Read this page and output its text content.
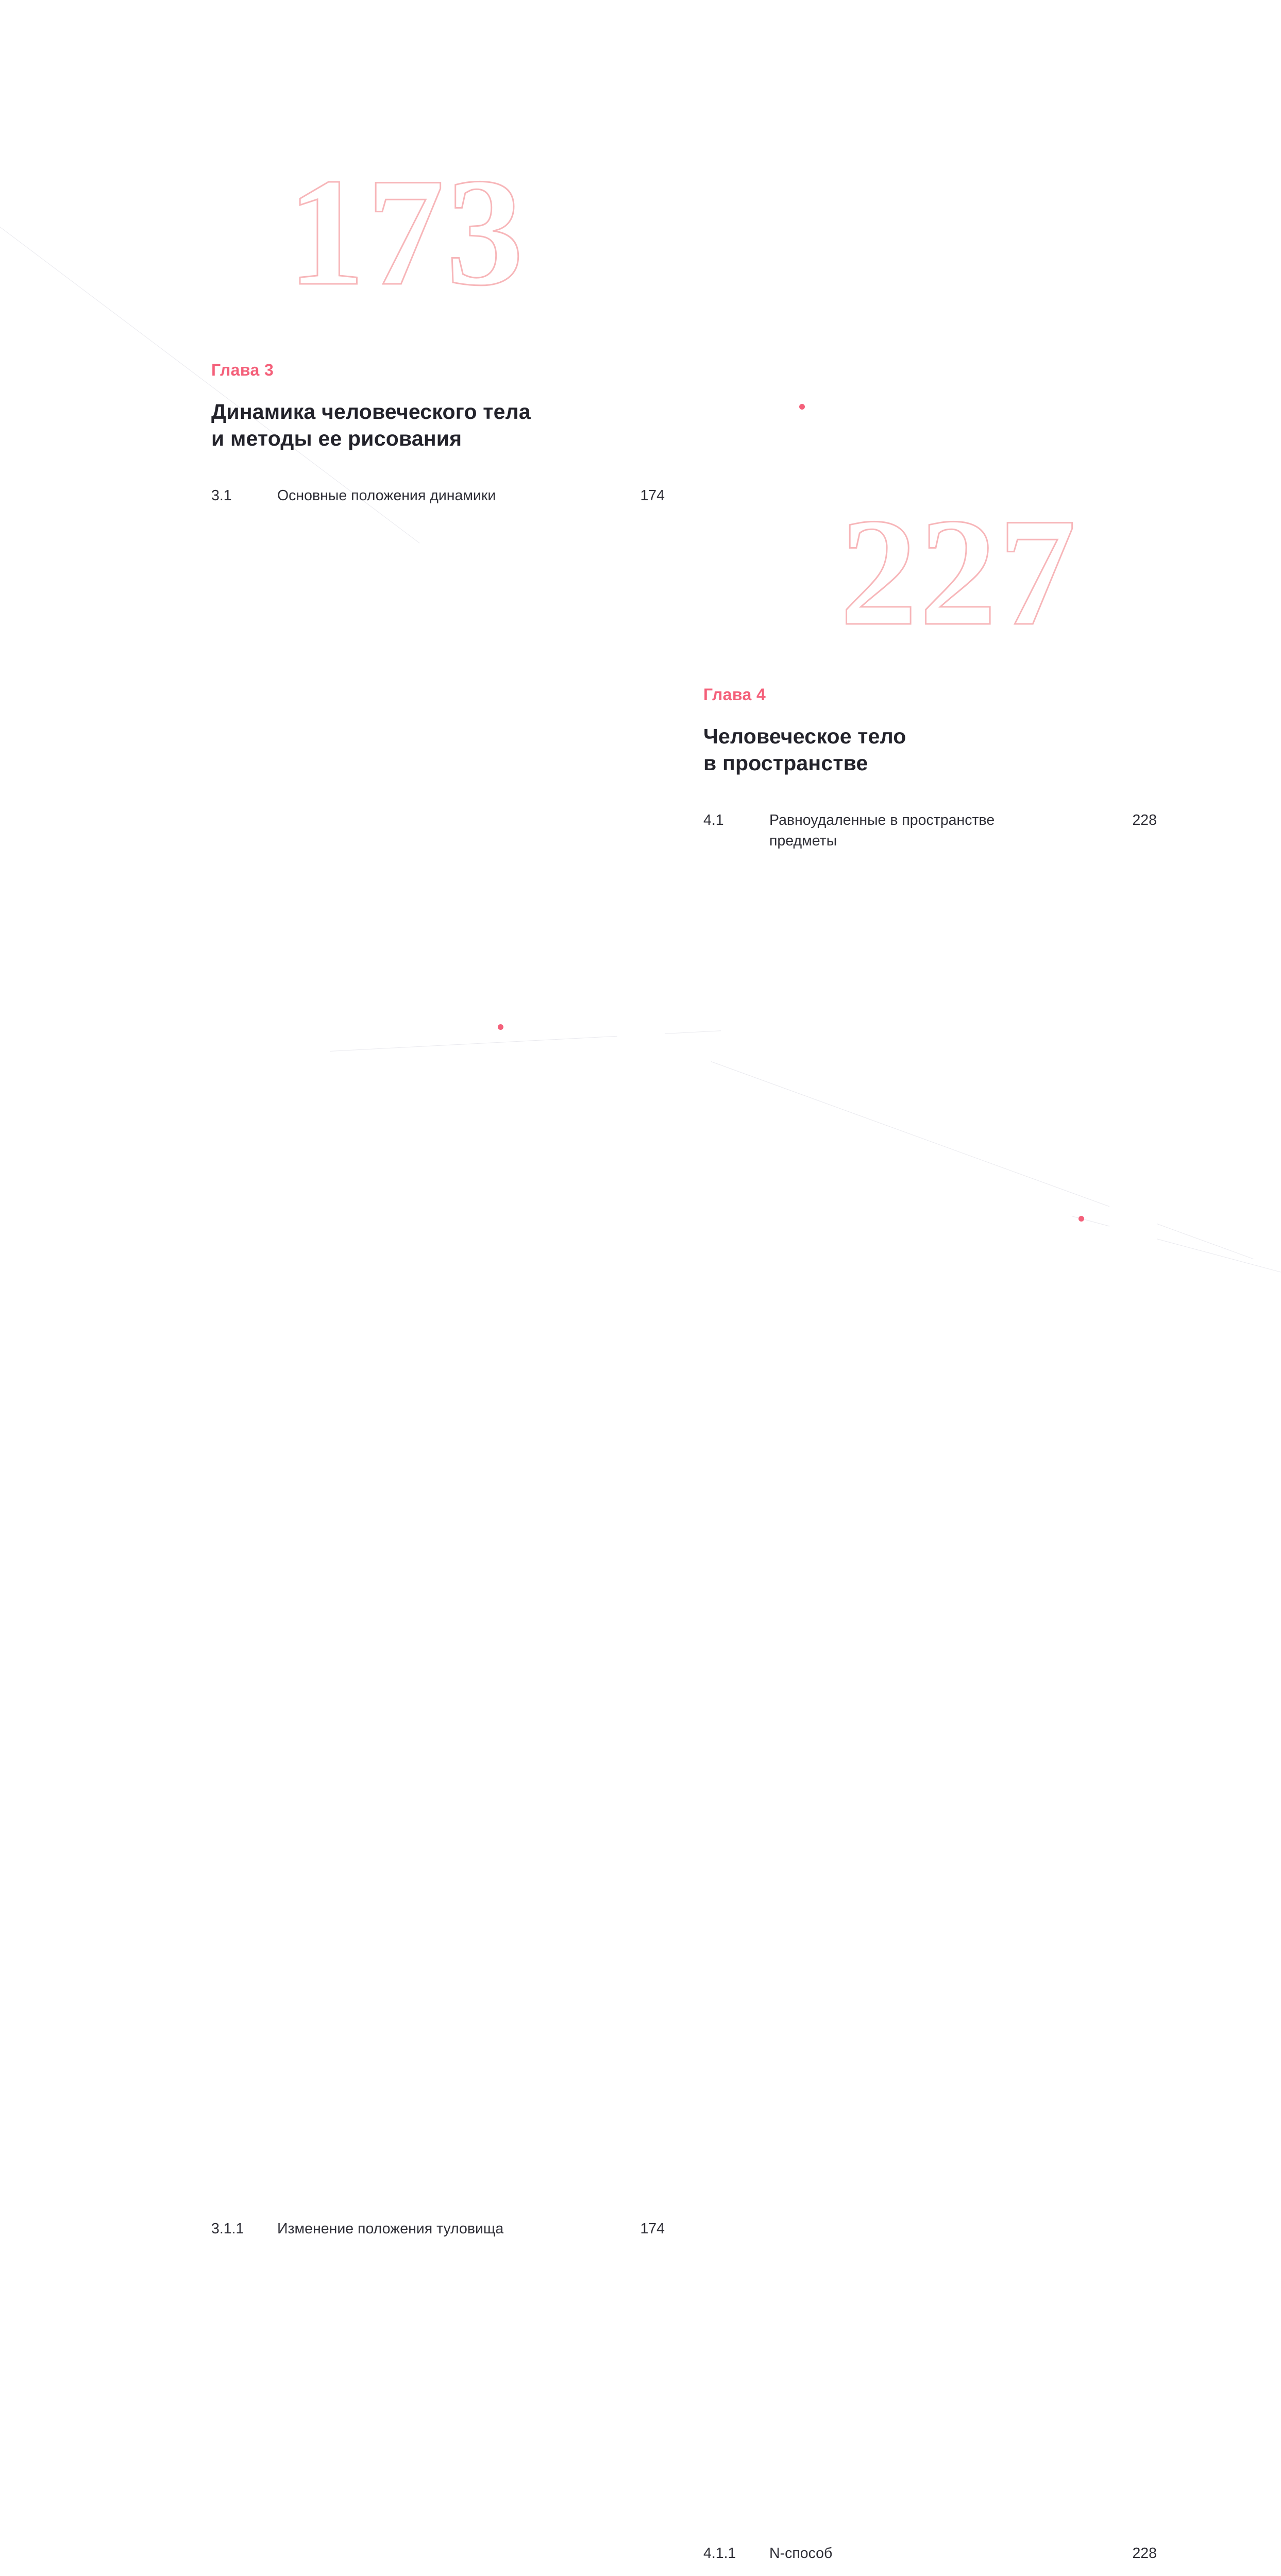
173
227
Глава 3
Динамика человеческого тела
и методы ее рисования
3.1	Основные положения динамики	174
3.1.1	Изменение положения туловища	174

Глава 4
Человеческое тело
в пространстве
4.1	Равноудаленные в пространстве
предметы	228
4.1.1	N-способ	228
